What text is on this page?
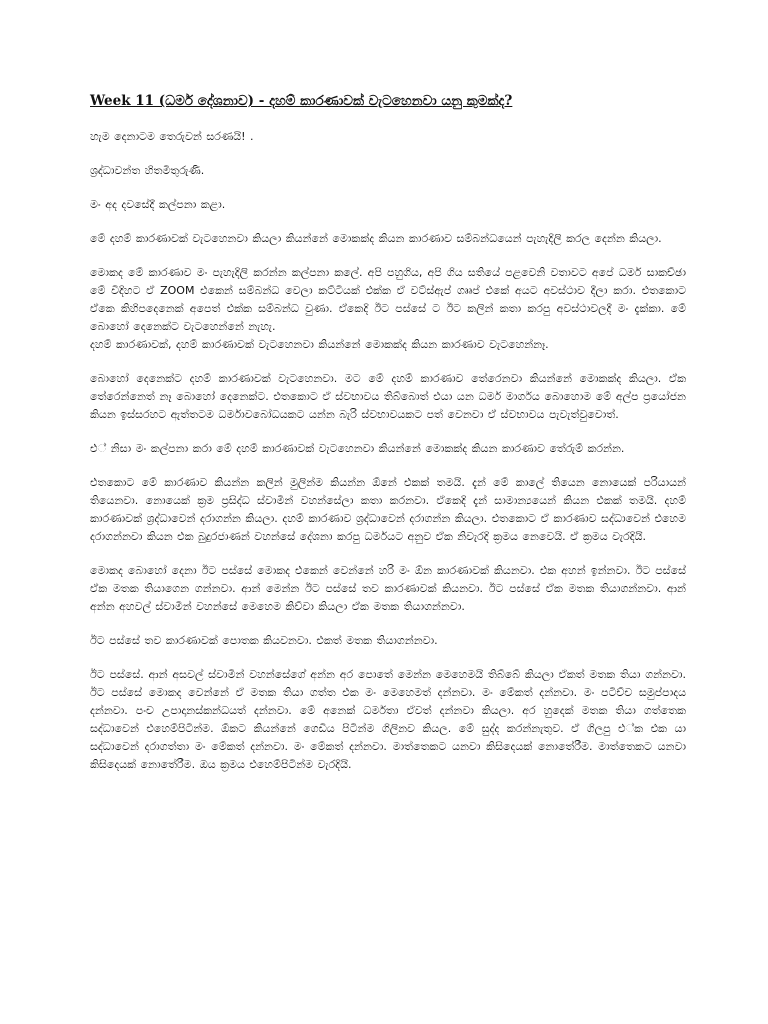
Week 11 (ධර්ම දේශනාව) - දහම් කාරණාවක් වැටහෙනවා යනු කුමක්ද?

හැම දෙනාටම තෙරුවන් සරණයි! .

ශ්‍රද්ධාවන්ත හිතමිතුරුණි.

මං අද දවසේදී කල්පනා කළා.

මේ දහම් කාරණාවක් වැටහෙනවා කියලා කියන්නේ මොකක්ද කියන කාරණාව සම්බන්ධයෙන් පැහැදිලි කරල දෙන්න කියලා.

මොකද මේ කාරණාව මං පැහැදිලි කරන්න කල්පනා කලේ. අපි පහුගිය, අපි ගිය සතියේ පළවෙනි වතාවට අපේ ධර්ම සාකච්ඡා මේ විදිහට ඒ ZOOM එකෙන් සම්බන්ධ වෙලා කට්ටියක් එක්ක ඒ වට්ස්ඇප් ගෲප් එකේ අයට අවස්ථාව දීලා කරා. එතකොට ඒකෙ කිහිපදෙනෙක් අපෙත් එක්ක සම්බන්ධ වුණා. ඒකෙදි ඊට පස්සේ ට ඊට කලින් කතා කරපු අවස්ථාවලදී මං දැක්කා. මේ බොහෝ දෙනෙක්ට වැටහෙන්නේ නැහැ.
දහම් කාරණාවක්, දහම් කාරණාවක් වැටහෙනවා කියන්නේ මොකක්ද කියන කාරණාව වැටහෙන්නෑ.

බොහෝ දෙනෙක්ට දහම් කාරණාවක් වැටහෙනවා. මට මේ දහම් කාරණාව තේරෙනවා කියන්නේ මොකක්ද කියලා. ඒක තේරෙන්නෙත් නෑ බොහෝ දෙනෙක්ට. එතකොට ඒ ස්වභාවය තිබ්බොත් එයා යන ධර්ම මාර්ගය බොහොම මේ අල්ප ප්‍රයෝජන කියන ඉස්සරහට ඇත්තටම ධර්මාවබෝධයකට යන්න බැරි ස්වභාවයකට පත් වෙනවා ඒ ස්වභාවය පැවැත්වුවොත්.

එ් නිසා මං කල්පනා කරා මේ දහම් කාරණාවක් වැටහෙනවා කියන්නේ මොකක්ද කියන කාරණාව තේරුම් කරන්න.

එතකොට මේ කාරණාව කියන්න කලින් මුලින්ම කියන්න ඕනේ එකක් තමයි. දැන් මේ කාලේ තියෙන නොයෙක් පරියායන් තියෙනවා. නොයෙක් ක්‍රම ප්‍රසිද්ධ ස්වාමීන් වහන්සේලා කතා කරනවා. ඒකෙදි දැන් සාමාන්‍යයෙන් කියන එකක් තමයි. දහම් කාරණාවක් ශ්‍රද්ධාවෙන් දරාගන්න කියලා. දහම් කාරණාව ශ්‍රද්ධාවෙන් දරාගන්න කියලා. එතකොට ඒ කාරණාව සද්ධාවෙන් එහෙම දරාගන්නවා කියන එක බුදුරජාණන් වහන්සේ දේශනා කරපු ධර්මයට අනුව ඒක නිවැරදි ක්‍රමය නෙවෙයි. ඒ ක්‍රමය වැරදියි.

මොකද බොහෝ දෙනා ඊට පස්සේ මොකද එකෙන් වෙන්නේ හරි මං ඕන කාරණාවක් කියනවා. එක අහන් ඉන්නවා. ඊට පස්සේ ඒක මතක තියාගෙන ගන්නවා. ආන් මෙන්න ඊට පස්සේ තව කාරණාවක් කියනවා. ඊට පස්සේ ඒක මතක තියාගන්නවා. ආන් අන්න අහවල් ස්වාමීන් වහන්සේ මෙහෙම කිව්වා කියලා ඒක මතක තියාගන්නවා.

ඊට පස්සේ තව කාරණාවක් පොතක කියවනවා. එකත් මතක තියාගන්නවා.

ඊට පස්සේ. ආන් අසවල් ස්වාමීන් වහන්සේගේ අන්න අර පොතේ මෙන්න මෙහෙමයි තිබ්බේ කියලා ඒකත් මතක තියා ගන්නවා. ඊට පස්සේ මොකද වෙන්නේ ඒ මතක තියා ගත්ත එක මං මෙහෙමත් දන්නවා. මං මේකත් දන්නවා. මං පටිච්ච සමුප්පාදය දන්නවා. පංච උපාදානස්කන්ධයත් දන්නවා. මේ අනෙක් ධර්මතා ඒවත් දන්නවා කියලා. අර හුදෙක් මතක තියා ගත්තෙක සද්ධාවෙන් එහෙම්පිටින්ම. ඕකට කියන්නේ ගෙඩිය පිටින්ම ගිලිනව කියල. මේ සුද්ද කරන්නැතුව. ඒ ගිලපු එ්ක එක යා සද්ධාවෙන් දරාගත්තා මං මේකත් දන්නවා. මං මේකත් දන්නවා. මාත්තෙකට යනවා කිසිදෙයක් නොතේරීම. මාත්තෙකට යනවා කිසිදෙයක් නොතේරීම. ඔය ක්‍රමය එහෙම්පිටින්ම වැරදියි.
